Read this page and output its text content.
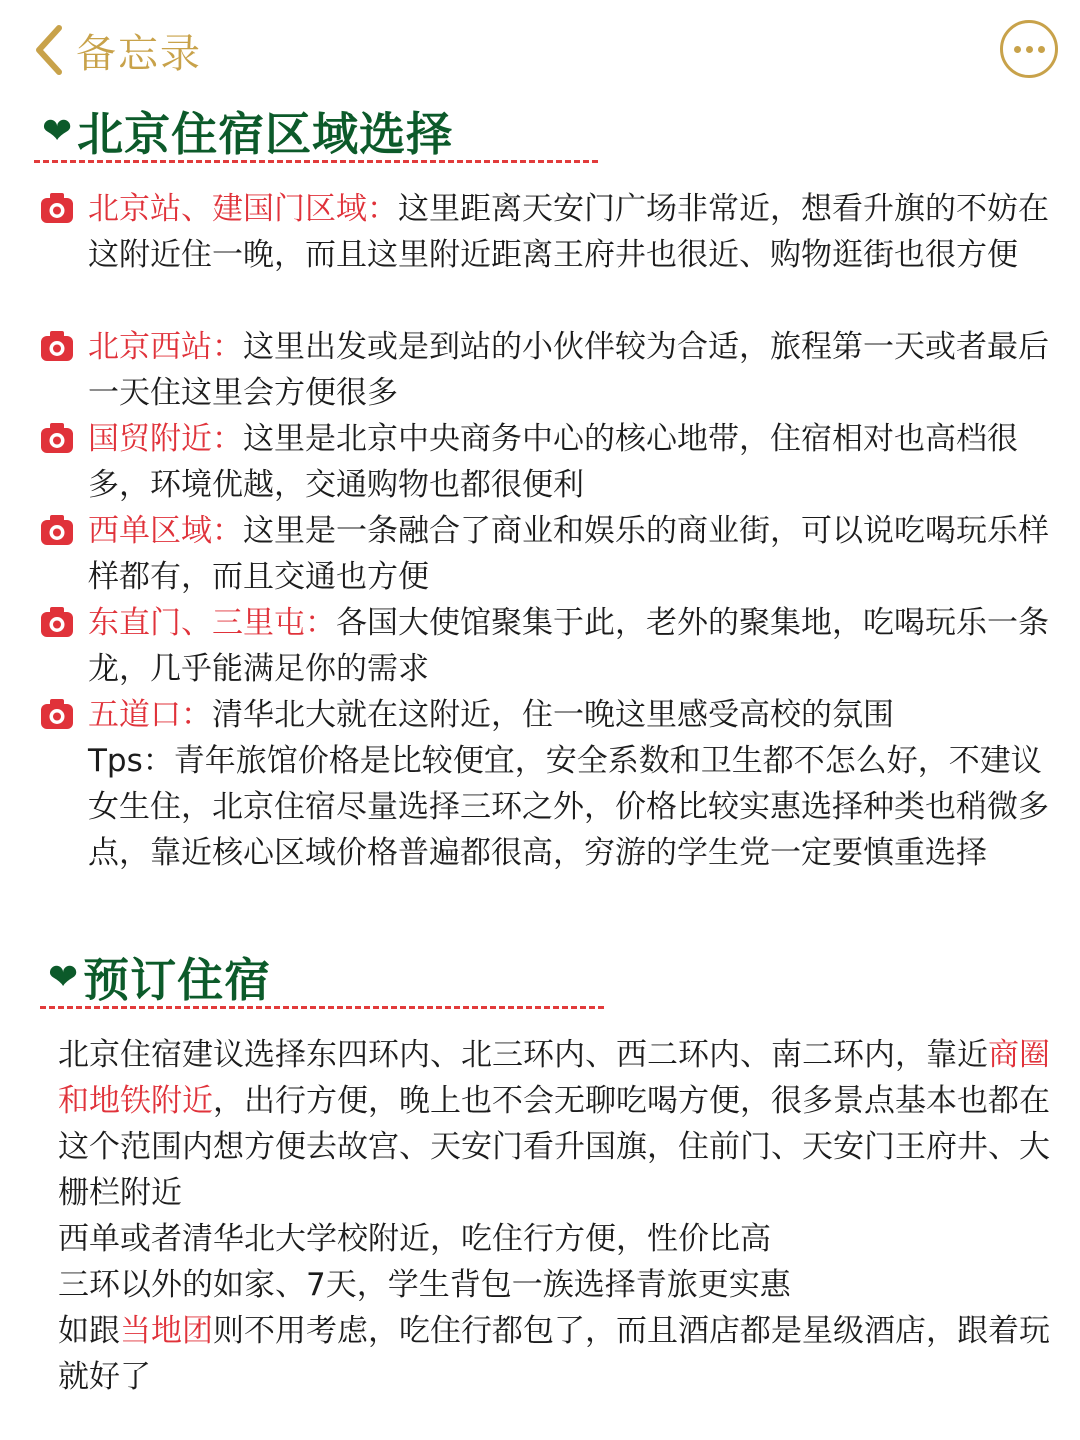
备忘录
❤ 北京住宿区域选择
北京站、建国门区域：这里距离天安门广场非常近，想看升旗的不妨在这附近住一晚，而且这里附近距离王府井也很近、购物逛街也很方便
北京西站：这里出发或是到站的小伙伴较为合适，旅程第一天或者最后一天住这里会方便很多
国贸附近：这里是北京中央商务中心的核心地带，住宿相对也高档很多，环境优越，交通购物也都很便利
西单区域：这里是一条融合了商业和娱乐的商业街，可以说吃喝玩乐样样都有，而且交通也方便
东直门、三里屯：各国大使馆聚集于此，老外的聚集地，吃喝玩乐一条龙，几乎能满足你的需求
五道口：清华北大就在这附近，住一晚这里感受高校的氛围
Tps：青年旅馆价格是比较便宜，安全系数和卫生都不怎么好，不建议女生住，北京住宿尽量选择三环之外，价格比较实惠选择种类也稍微多点，靠近核心区域价格普遍都很高，穷游的学生党一定要慎重选择
❤ 预订住宿
北京住宿建议选择东四环内、北三环内、西二环内、南二环内，靠近商圈和地铁附近，出行方便，晚上也不会无聊吃喝方便，很多景点基本也都在这个范围内想方便去故宫、天安门看升国旗，住前门、天安门王府井、大栅栏附近
西单或者清华北大学校附近，吃住行方便，性价比高
三环以外的如家、7天，学生背包一族选择青旅更实惠
如跟当地团则不用考虑，吃住行都包了，而且酒店都是星级酒店，跟着玩就好了
